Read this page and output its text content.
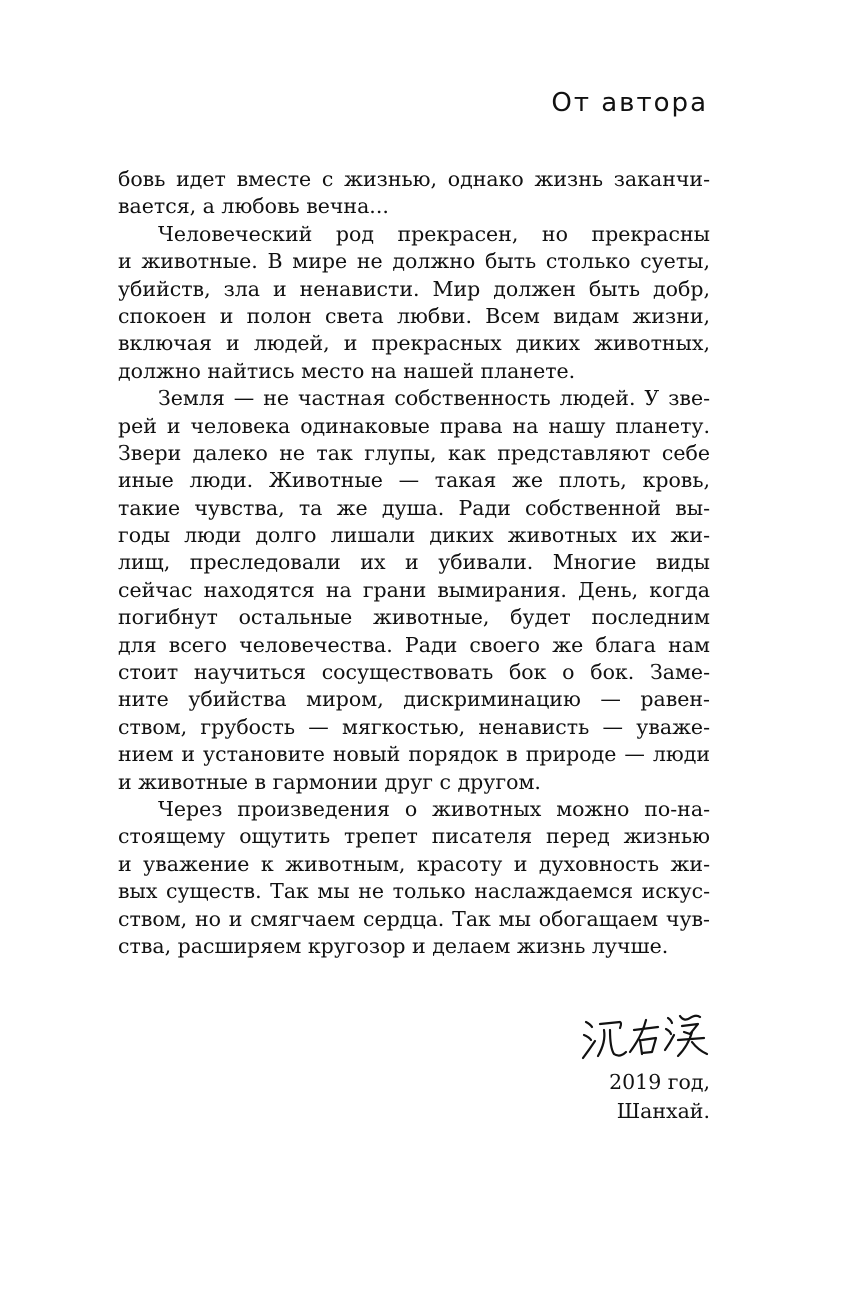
От автора
бовь идет вместе с жизнью, однако жизнь заканчи-
вается, а любовь вечна...
Человеческий род прекрасен, но прекрасны
и животные. В мире не должно быть столько суеты,
убийств, зла и ненависти. Мир должен быть добр,
спокоен и полон света любви. Всем видам жизни,
включая и людей, и прекрасных диких животных,
должно найтись место на нашей планете.
Земля — не частная собственность людей. У зве-
рей и человека одинаковые права на нашу планету.
Звери далеко не так глупы, как представляют себе
иные люди. Животные — такая же плоть, кровь,
такие чувства, та же душа. Ради собственной вы-
годы люди долго лишали диких животных их жи-
лищ, преследовали их и убивали. Многие виды
сейчас находятся на грани вымирания. День, когда
погибнут остальные животные, будет последним
для всего человечества. Ради своего же блага нам
стоит научиться сосуществовать бок о бок. Заме-
ните убийства миром, дискриминацию — равен-
ством, грубость — мягкостью, ненависть — уваже-
нием и установите новый порядок в природе — люди
и животные в гармонии друг с другом.
Через произведения о животных можно по-на-
стоящему ощутить трепет писателя перед жизнью
и уважение к животным, красоту и духовность жи-
вых существ. Так мы не только наслаждаемся искус-
ством, но и смягчаем сердца. Так мы обогащаем чув-
ства, расширяем кругозор и делаем жизнь лучше.
2019 год,
Шанхай.
